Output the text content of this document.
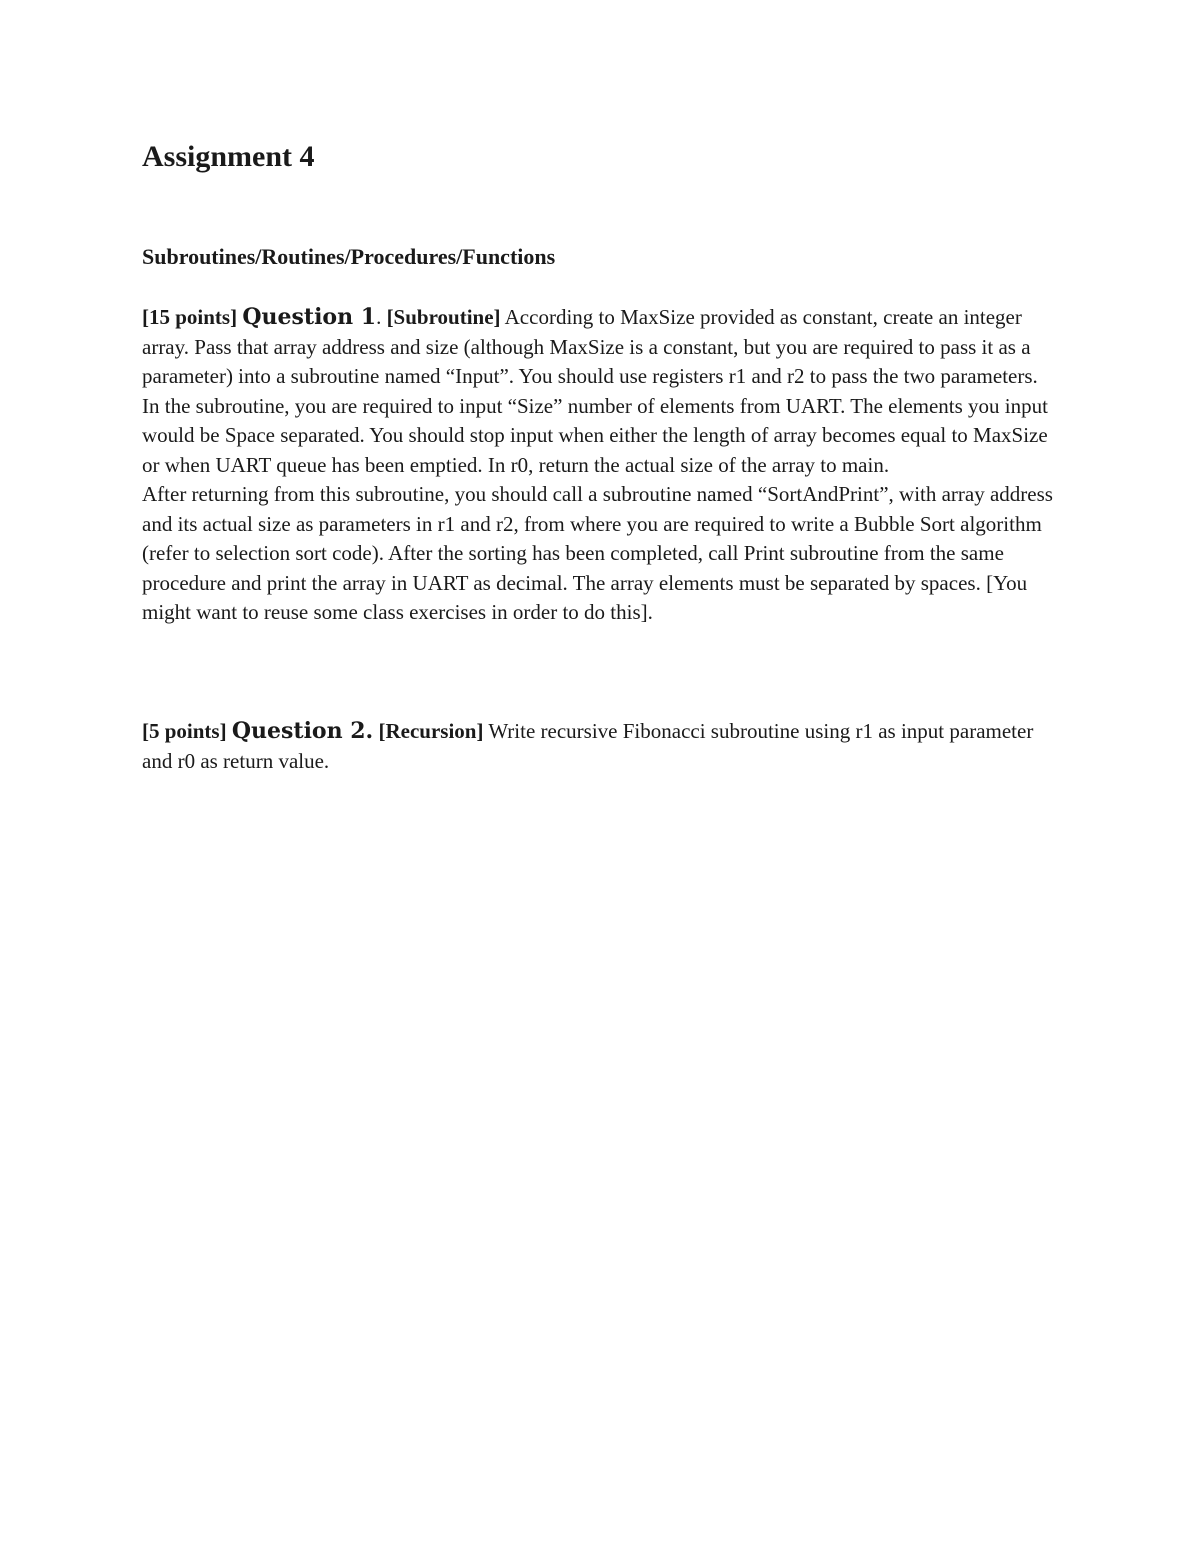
Assignment 4
Subroutines/Routines/Procedures/Functions

[15 points] Question 1. [Subroutine] According to MaxSize provided as constant, create an integer array. Pass that array address and size (although MaxSize is a constant, but you are required to pass it as a parameter) into a subroutine named “Input”. You should use registers r1 and r2 to pass the two parameters. In the subroutine, you are required to input “Size” number of elements from UART. The elements you input would be Space separated. You should stop input when either the length of array becomes equal to MaxSize or when UART queue has been emptied. In r0, return the actual size of the array to main.
After returning from this subroutine, you should call a subroutine named “SortAndPrint”, with array address and its actual size as parameters in r1 and r2, from where you are required to write a Bubble Sort algorithm (refer to selection sort code). After the sorting has been completed, call Print subroutine from the same procedure and print the array in UART as decimal. The array elements must be separated by spaces. [You might want to reuse some class exercises in order to do this].

[5 points] Question 2. [Recursion] Write recursive Fibonacci subroutine using r1 as input parameter and r0 as return value.
